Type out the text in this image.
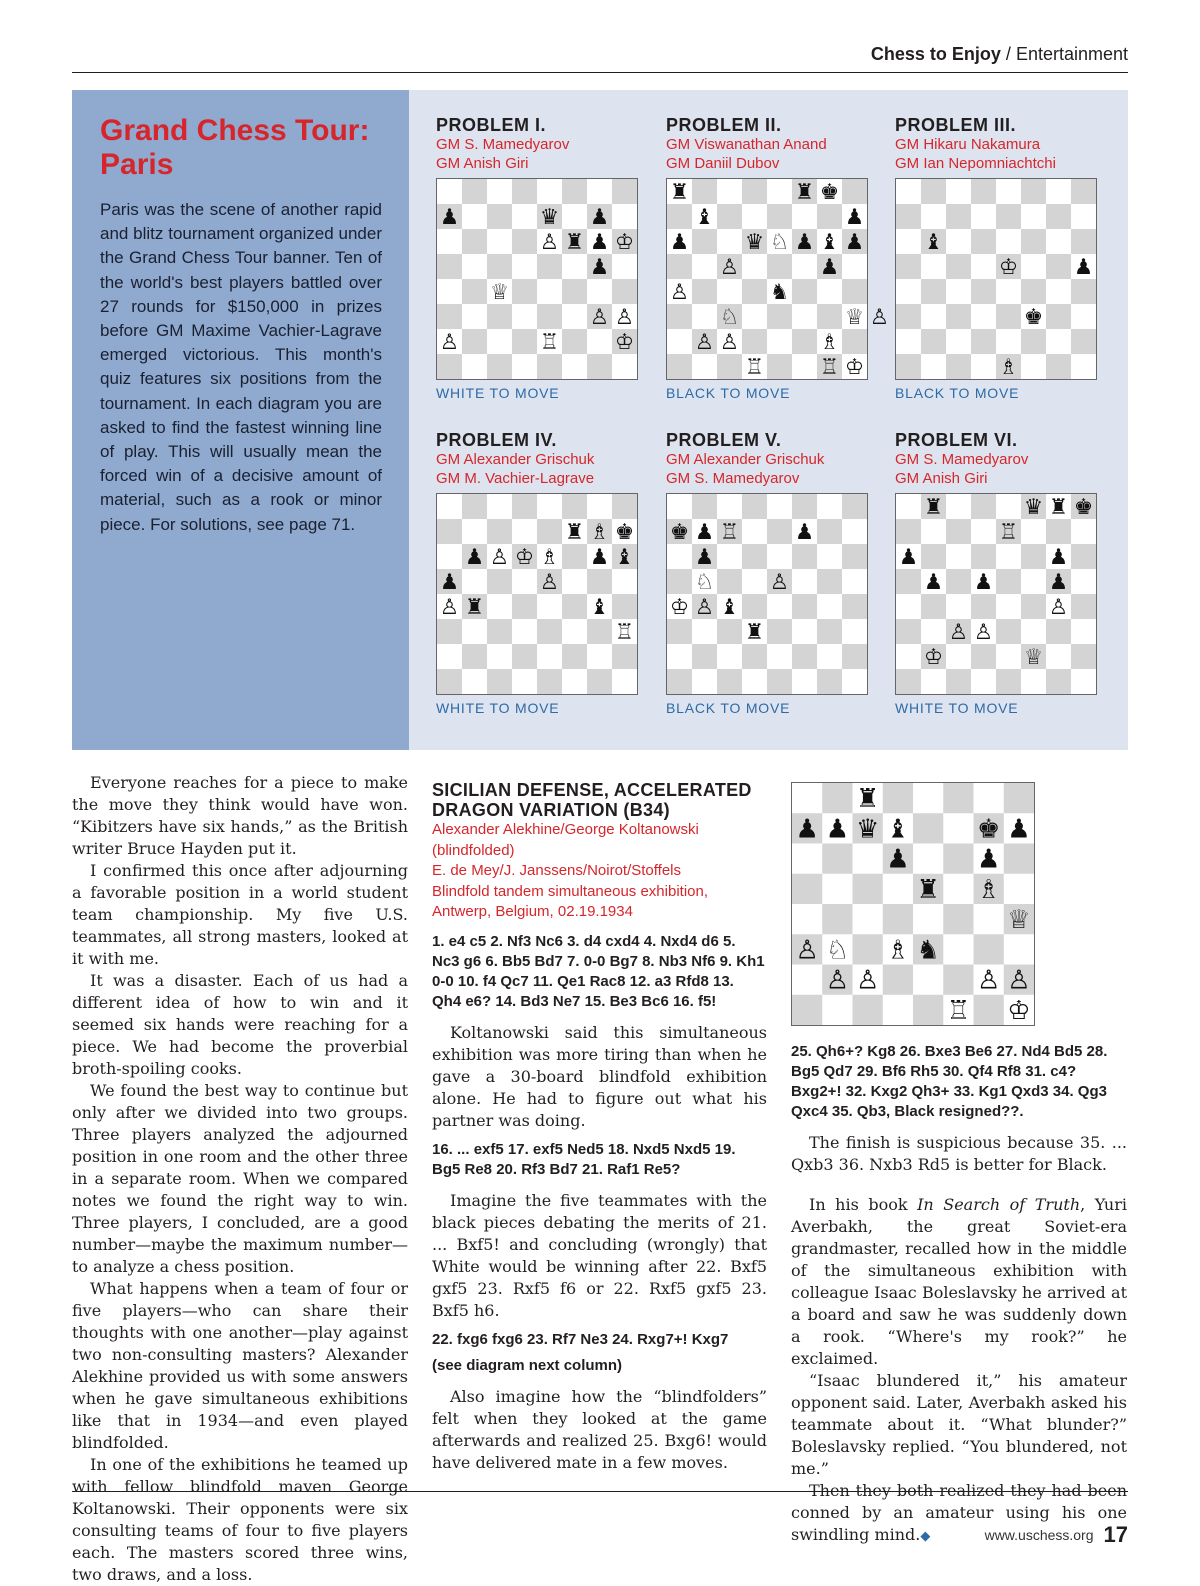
Chess to Enjoy / Entertainment
Grand Chess Tour: Paris

Paris was the scene of another rapid and blitz tournament organized under the Grand Chess Tour banner. Ten of the world's best players battled over 27 rounds for $150,000 in prizes before GM Maxime Vachier-Lagrave emerged victorious. This month's quiz features six positions from the tournament. In each diagram you are asked to find the fastest winning line of play. This will usually mean the forced win of a decisive amount of material, such as a rook or minor piece. For solutions, see page 71.

PROBLEM I.
GM S. Mamedyarov
GM Anish Giri
♟	♛ ♟
♙ ♜ ♟ ♔
♟
♕
♙ ♙
♙	♖	♔
WHITE TO MOVE
PROBLEM II.
GM Viswanathan Anand
GM Daniil Dubov
♜	♜ ♚
♝	♟
♟	♛ ♘ ♟ ♝ ♟
♙	♟
♙	♞
♘	♕ ♙
♙ ♙	♗
♖	♖ ♔
BLACK TO MOVE
PROBLEM III.
GM Hikaru Nakamura
GM Ian Nepomniachtchi
♝
♔	♟
♚
♗
BLACK TO MOVE
PROBLEM IV.
GM Alexander Grischuk
GM M. Vachier-Lagrave
♜ ♗ ♚
♟ ♙ ♔ ♗ ♟ ♝
♟	♙
♙ ♜	♝
♖
WHITE TO MOVE
PROBLEM V.
GM Alexander Grischuk
GM S. Mamedyarov
♚ ♟ ♖	♟
♟
♘	♙
♔ ♙ ♝
♜
BLACK TO MOVE
PROBLEM VI.
GM S. Mamedyarov
GM Anish Giri
♜	♛ ♜ ♚
♖
♟	♟
♟ ♟	♟
♙
♙ ♙
♔	♕
WHITE TO MOVE

Everyone reaches for a piece to make the move they think would have won. “Kibitzers have six hands,” as the British writer Bruce Hayden put it.

I confirmed this once after adjourning a favorable position in a world student team championship. My five U.S. teammates, all strong masters, looked at it with me.

It was a disaster. Each of us had a different idea of how to win and it seemed six hands were reaching for a piece. We had become the proverbial broth-spoiling cooks.

We found the best way to continue but only after we divided into two groups. Three players analyzed the adjourned position in one room and the other three in a separate room. When we compared notes we found the right way to win. Three players, I concluded, are a good number—maybe the maximum number—to analyze a chess position.

What happens when a team of four or five players—who can share their thoughts with one another—play against two non-consulting masters? Alexander Alekhine provided us with some answers when he gave simultaneous exhibitions like that in 1934—and even played blindfolded.

In one of the exhibitions he teamed up with fellow blindfold maven George Koltanowski. Their opponents were six consulting teams of four to five players each. The masters scored three wins, two draws, and a loss.

SICILIAN DEFENSE, ACCELERATED DRAGON VARIATION (B34)
Alexander Alekhine/George Koltanowski (blindfolded)
E. de Mey/J. Janssens/Noirot/Stoffels
Blindfold tandem simultaneous exhibition, Antwerp, Belgium, 02.19.1934
1. e4 c5 2. Nf3 Nc6 3. d4 cxd4 4. Nxd4 d6 5. Nc3 g6 6. Bb5 Bd7 7. 0-0 Bg7 8. Nb3 Nf6 9. Kh1 0-0 10. f4 Qc7 11. Qe1 Rac8 12. a3 Rfd8 13. Qh4 e6? 14. Bd3 Ne7 15. Be3 Bc6 16. f5!

Koltanowski said this simultaneous exhibition was more tiring than when he gave a 30-board blindfold exhibition alone. He had to figure out what his partner was doing.

16. ... exf5 17. exf5 Ned5 18. Nxd5 Nxd5 19. Bg5 Re8 20. Rf3 Bd7 21. Raf1 Re5?

Imagine the five teammates with the black pieces debating the merits of 21. ... Bxf5! and concluding (wrongly) that White would be winning after 22. Bxf5 gxf5 23. Rxf5 f6 or 22. Rxf5 gxf5 23. Bxf5 h6.

22. fxg6 fxg6 23. Rf7 Ne3 24. Rxg7+! Kxg7
(see diagram next column)

Also imagine how the “blindfolders” felt when they looked at the game afterwards and realized 25. Bxg6! would have delivered mate in a few moves.

♜
♟ ♟ ♛ ♝	♚ ♟
♟	♟
♜ ♗
♕
♙ ♘ ♗ ♞
♙ ♙	♙ ♙
♖ ♔
25. Qh6+? Kg8 26. Bxe3 Be6 27. Nd4 Bd5 28. Bg5 Qd7 29. Bf6 Rh5 30. Qf4 Rf8 31. c4? Bxg2+! 32. Kxg2 Qh3+ 33. Kg1 Qxd3 34. Qg3 Qxc4 35. Qb3, Black resigned??.

The finish is suspicious because 35. ... Qxb3 36. Nxb3 Rd5 is better for Black.

In his book In Search of Truth, Yuri Averbakh, the great Soviet-era grandmaster, recalled how in the middle of the simultaneous exhibition with colleague Isaac Boleslavsky he arrived at a board and saw he was suddenly down a rook. “Where's my rook?” he exclaimed.

“Isaac blundered it,” his amateur opponent said. Later, Averbakh asked his teammate about it. “What blunder?” Boleslavsky replied. “You blundered, not me.”

Then they both realized they had been conned by an amateur using his one swindling mind.◆	www.uschess.org 17
